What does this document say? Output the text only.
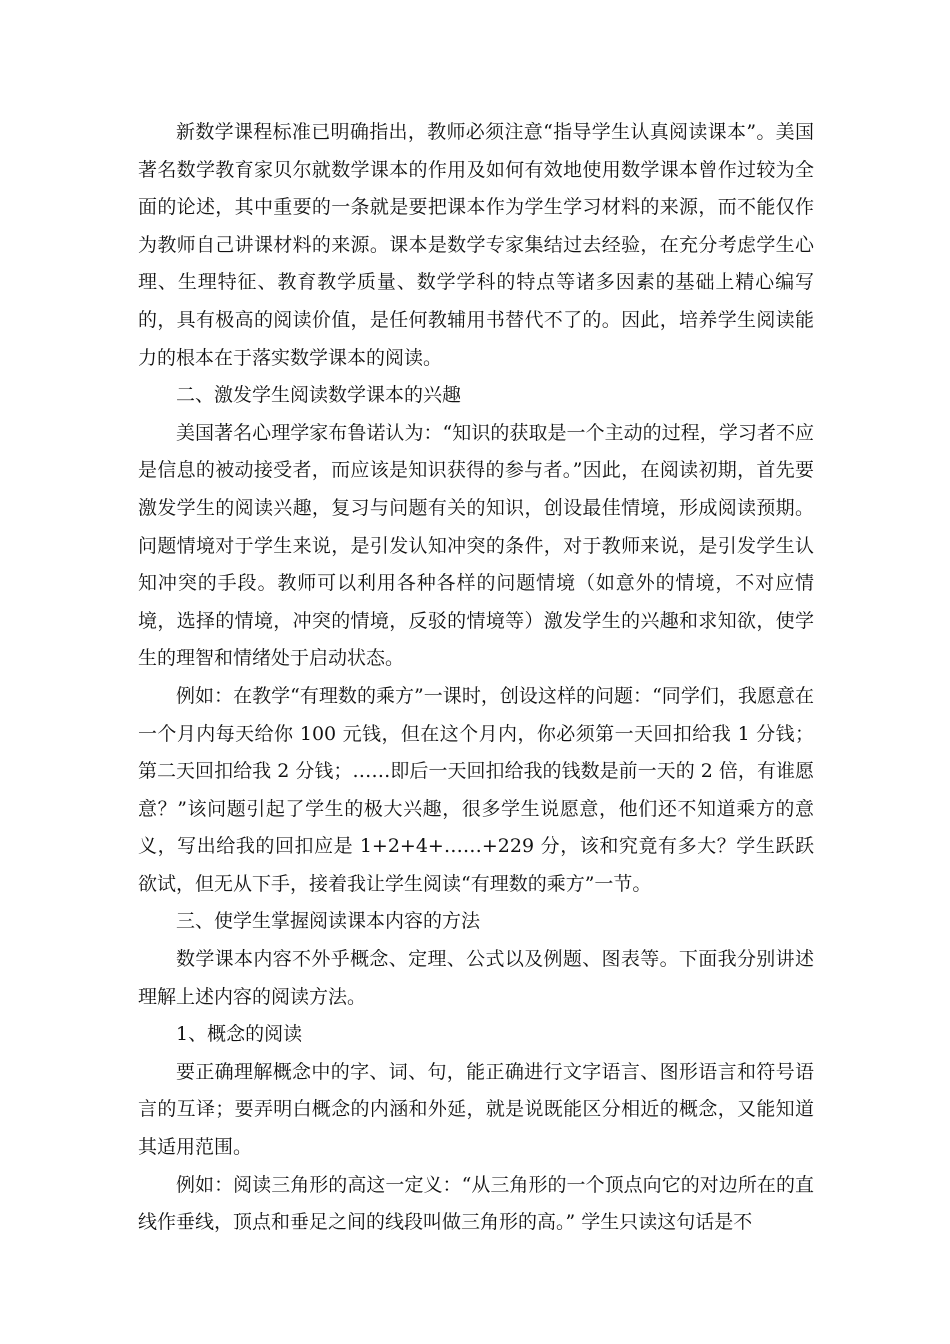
新数学课程标准已明确指出，教师必须注意“指导学生认真阅读课本”。美国著名数学教育家贝尔就数学课本的作用及如何有效地使用数学课本曾作过较为全面的论述，其中重要的一条就是要把课本作为学生学习材料的来源，而不能仅作为教师自己讲课材料的来源。课本是数学专家集结过去经验，在充分考虑学生心理、生理特征、教育教学质量、数学学科的特点等诸多因素的基础上精心编写的，具有极高的阅读价值，是任何教辅用书替代不了的。因此，培养学生阅读能力的根本在于落实数学课本的阅读。

二、激发学生阅读数学课本的兴趣

美国著名心理学家布鲁诺认为：“知识的获取是一个主动的过程，学习者不应是信息的被动接受者，而应该是知识获得的参与者。”因此，在阅读初期，首先要激发学生的阅读兴趣，复习与问题有关的知识，创设最佳情境，形成阅读预期。问题情境对于学生来说，是引发认知冲突的条件，对于教师来说，是引发学生认知冲突的手段。教师可以利用各种各样的问题情境（如意外的情境，不对应情境，选择的情境，冲突的情境，反驳的情境等）激发学生的兴趣和求知欲，使学生的理智和情绪处于启动状态。

例如：在教学“有理数的乘方”一课时，创设这样的问题：“同学们，我愿意在一个月内每天给你 100 元钱，但在这个月内，你必须第一天回扣给我 1 分钱；第二天回扣给我 2 分钱；……即后一天回扣给我的钱数是前一天的 2 倍，有谁愿意？”该问题引起了学生的极大兴趣，很多学生说愿意，他们还不知道乘方的意义，写出给我的回扣应是 1+2+4+……+229 分，该和究竟有多大？学生跃跃欲试，但无从下手，接着我让学生阅读“有理数的乘方”一节。

三、使学生掌握阅读课本内容的方法

数学课本内容不外乎概念、定理、公式以及例题、图表等。下面我分别讲述理解上述内容的阅读方法。

1、概念的阅读

要正确理解概念中的字、词、句，能正确进行文字语言、图形语言和符号语言的互译；要弄明白概念的内涵和外延，就是说既能区分相近的概念，又能知道其适用范围。

例如：阅读三角形的高这一定义：“从三角形的一个顶点向它的对边所在的直线作垂线，顶点和垂足之间的线段叫做三角形的高。” 学生只读这句话是不
